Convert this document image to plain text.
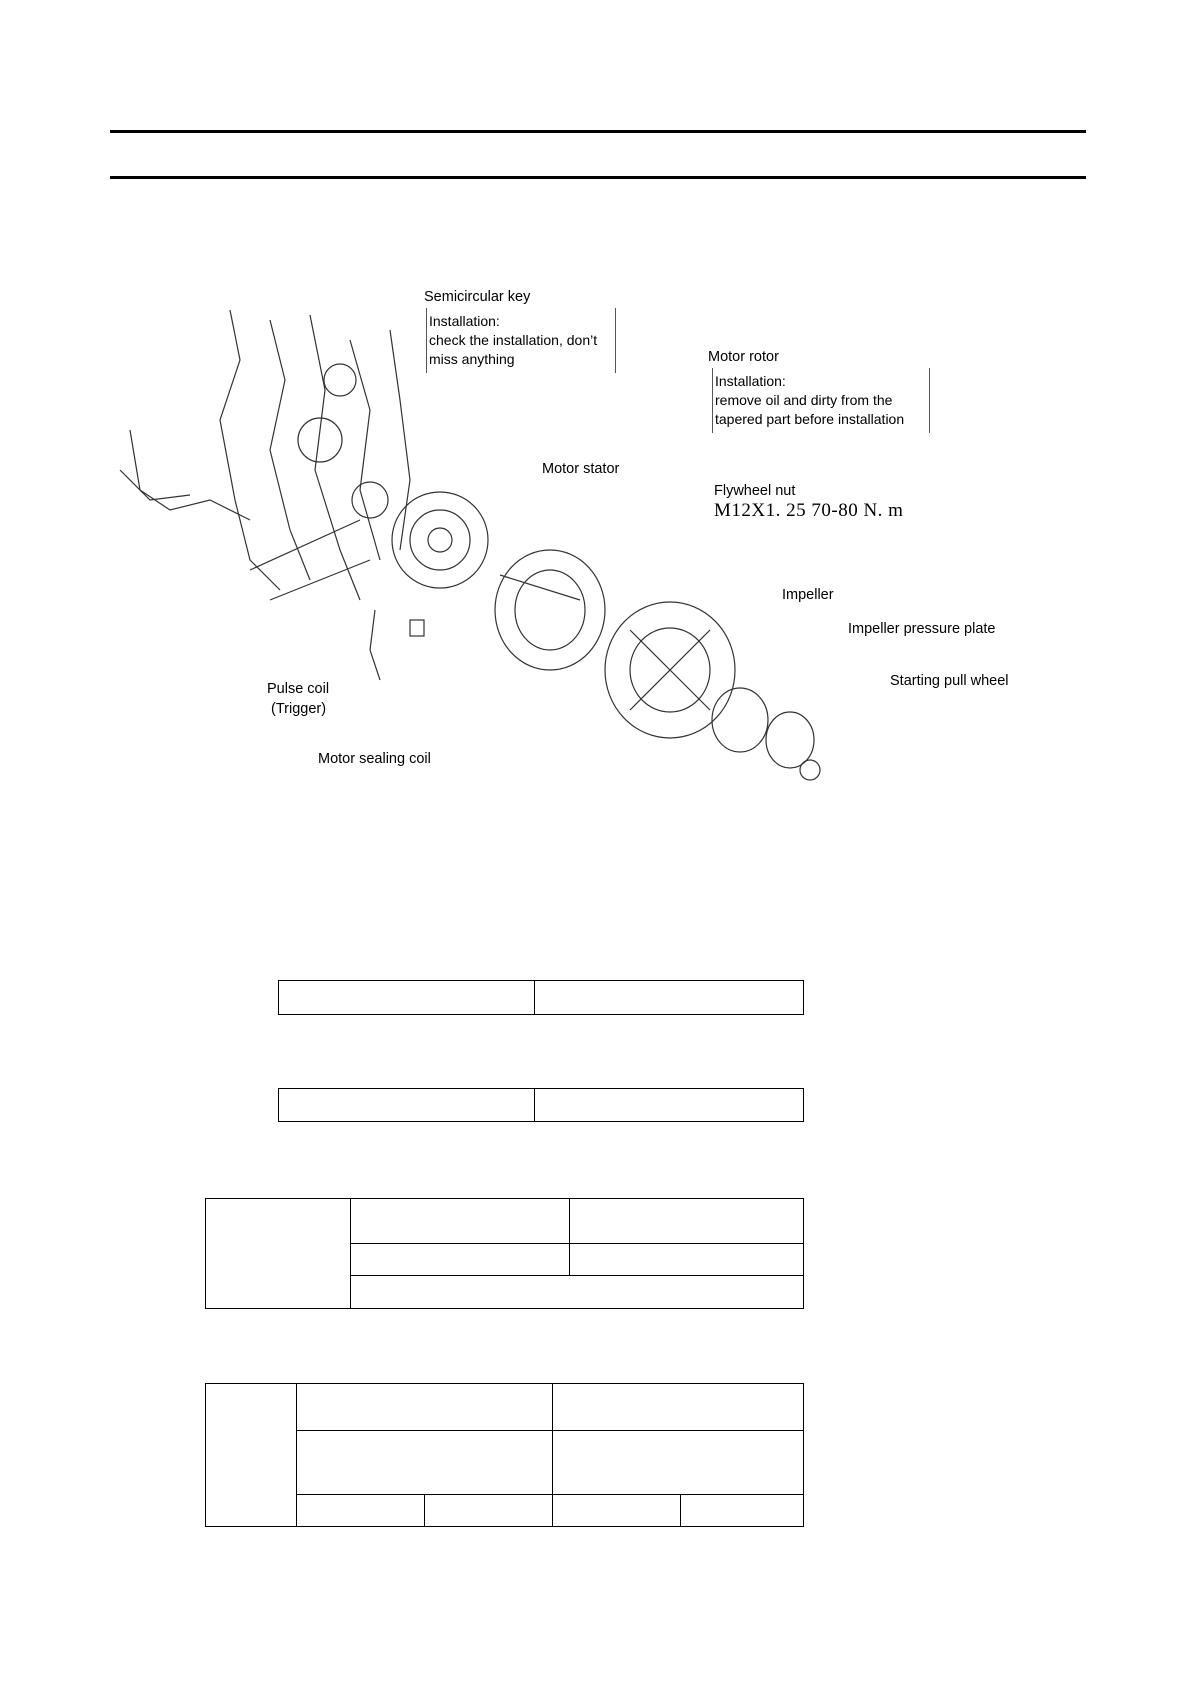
Semicircular key
Installation:
check the installation, don’t
miss anything	Motor rotor
Installation:
remove oil and dirty from the
tapered part before installation
Motor stator
Flywheel nut
M12X1. 25 70-80 N. m
Impeller
Impeller pressure plate
Starting pull wheel
Pulse coil
(Trigger)
Motor sealing coil
